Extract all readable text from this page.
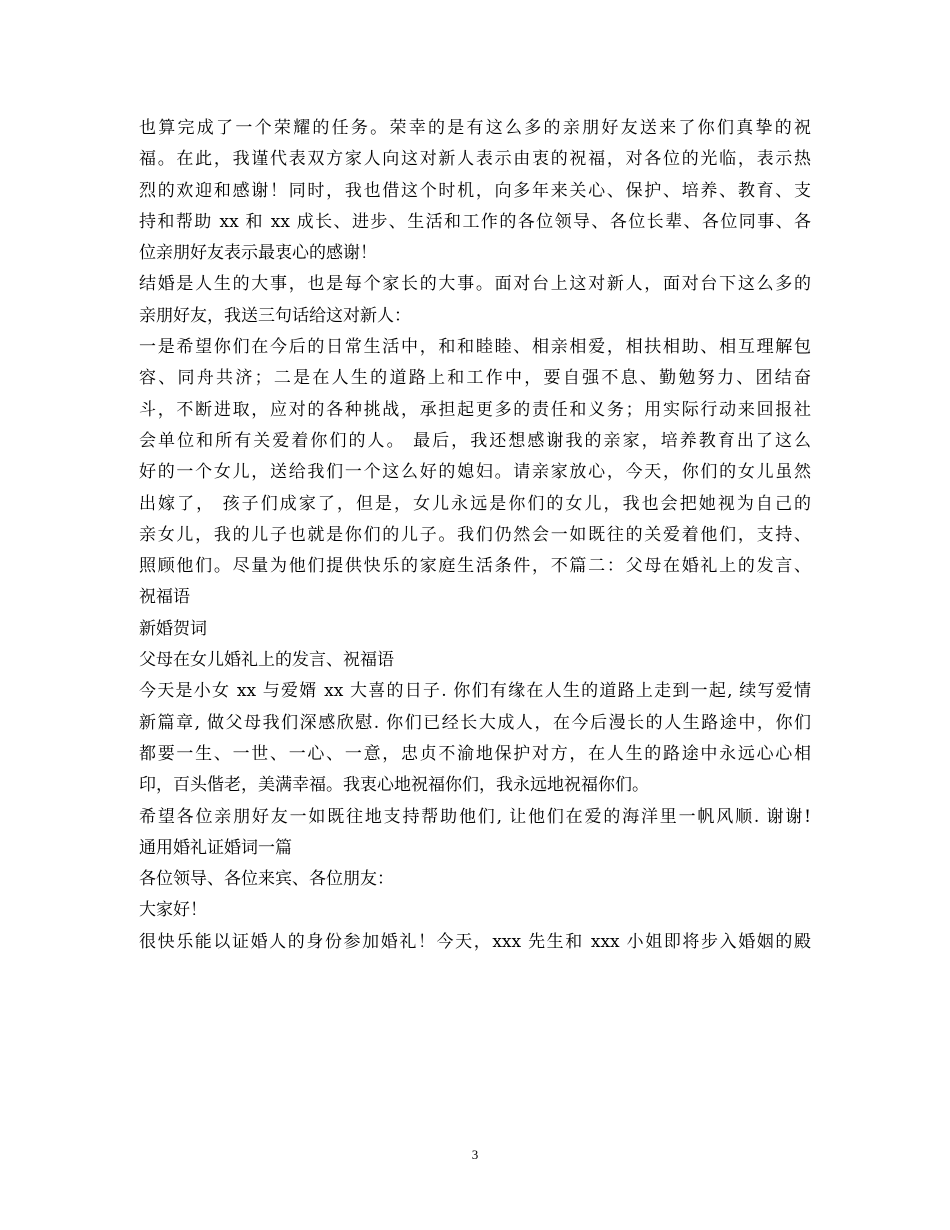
也算完成了一个荣耀的任务。荣幸的是有这么多的亲朋好友送来了你们真挚的祝
福。在此，我谨代表双方家人向这对新人表示由衷的祝福，对各位的光临，表示热
烈的欢迎和感谢！同时，我也借这个时机，向多年来关心、保护、培养、教育、支
持和帮助 xx 和 xx 成长、进步、生活和工作的各位领导、各位长辈、各位同事、各
位亲朋好友表示最衷心的感谢！
结婚是人生的大事，也是每个家长的大事。面对台上这对新人，面对台下这么多的
亲朋好友，我送三句话给这对新人：
一是希望你们在今后的日常生活中，和和睦睦、相亲相爱，相扶相助、相互理解包
容、同舟共济；二是在人生的道路上和工作中，要自强不息、勤勉努力、团结奋
斗，不断进取，应对的各种挑战，承担起更多的责任和义务；用实际行动来回报社
会单位和所有关爱着你们的人。 最后，我还想感谢我的亲家，培养教育出了这么
好的一个女儿，送给我们一个这么好的媳妇。请亲家放心，今天，你们的女儿虽然
出嫁了， 孩子们成家了，但是，女儿永远是你们的女儿，我也会把她视为自己的
亲女儿，我的儿子也就是你们的儿子。我们仍然会一如既往的关爱着他们，支持、
照顾他们。尽量为他们提供快乐的家庭生活条件，不篇二：父母在婚礼上的发言、
祝福语
新婚贺词
父母在女儿婚礼上的发言、祝福语
今天是小女 xx 与爱婿 xx 大喜的日子. 你们有缘在人生的道路上走到一起, 续写爱情
新篇章, 做父母我们深感欣慰. 你们已经长大成人，在今后漫长的人生路途中，你们
都要一生、一世、一心、一意，忠贞不渝地保护对方，在人生的路途中永远心心相
印，百头偕老，美满幸福。我衷心地祝福你们，我永远地祝福你们。
希望各位亲朋好友一如既往地支持帮助他们, 让他们在爱的海洋里一帆风顺. 谢谢!
通用婚礼证婚词一篇
各位领导、各位来宾、各位朋友：
大家好！
很快乐能以证婚人的身份参加婚礼！今天，xxx 先生和 xxx 小姐即将步入婚姻的殿
3
